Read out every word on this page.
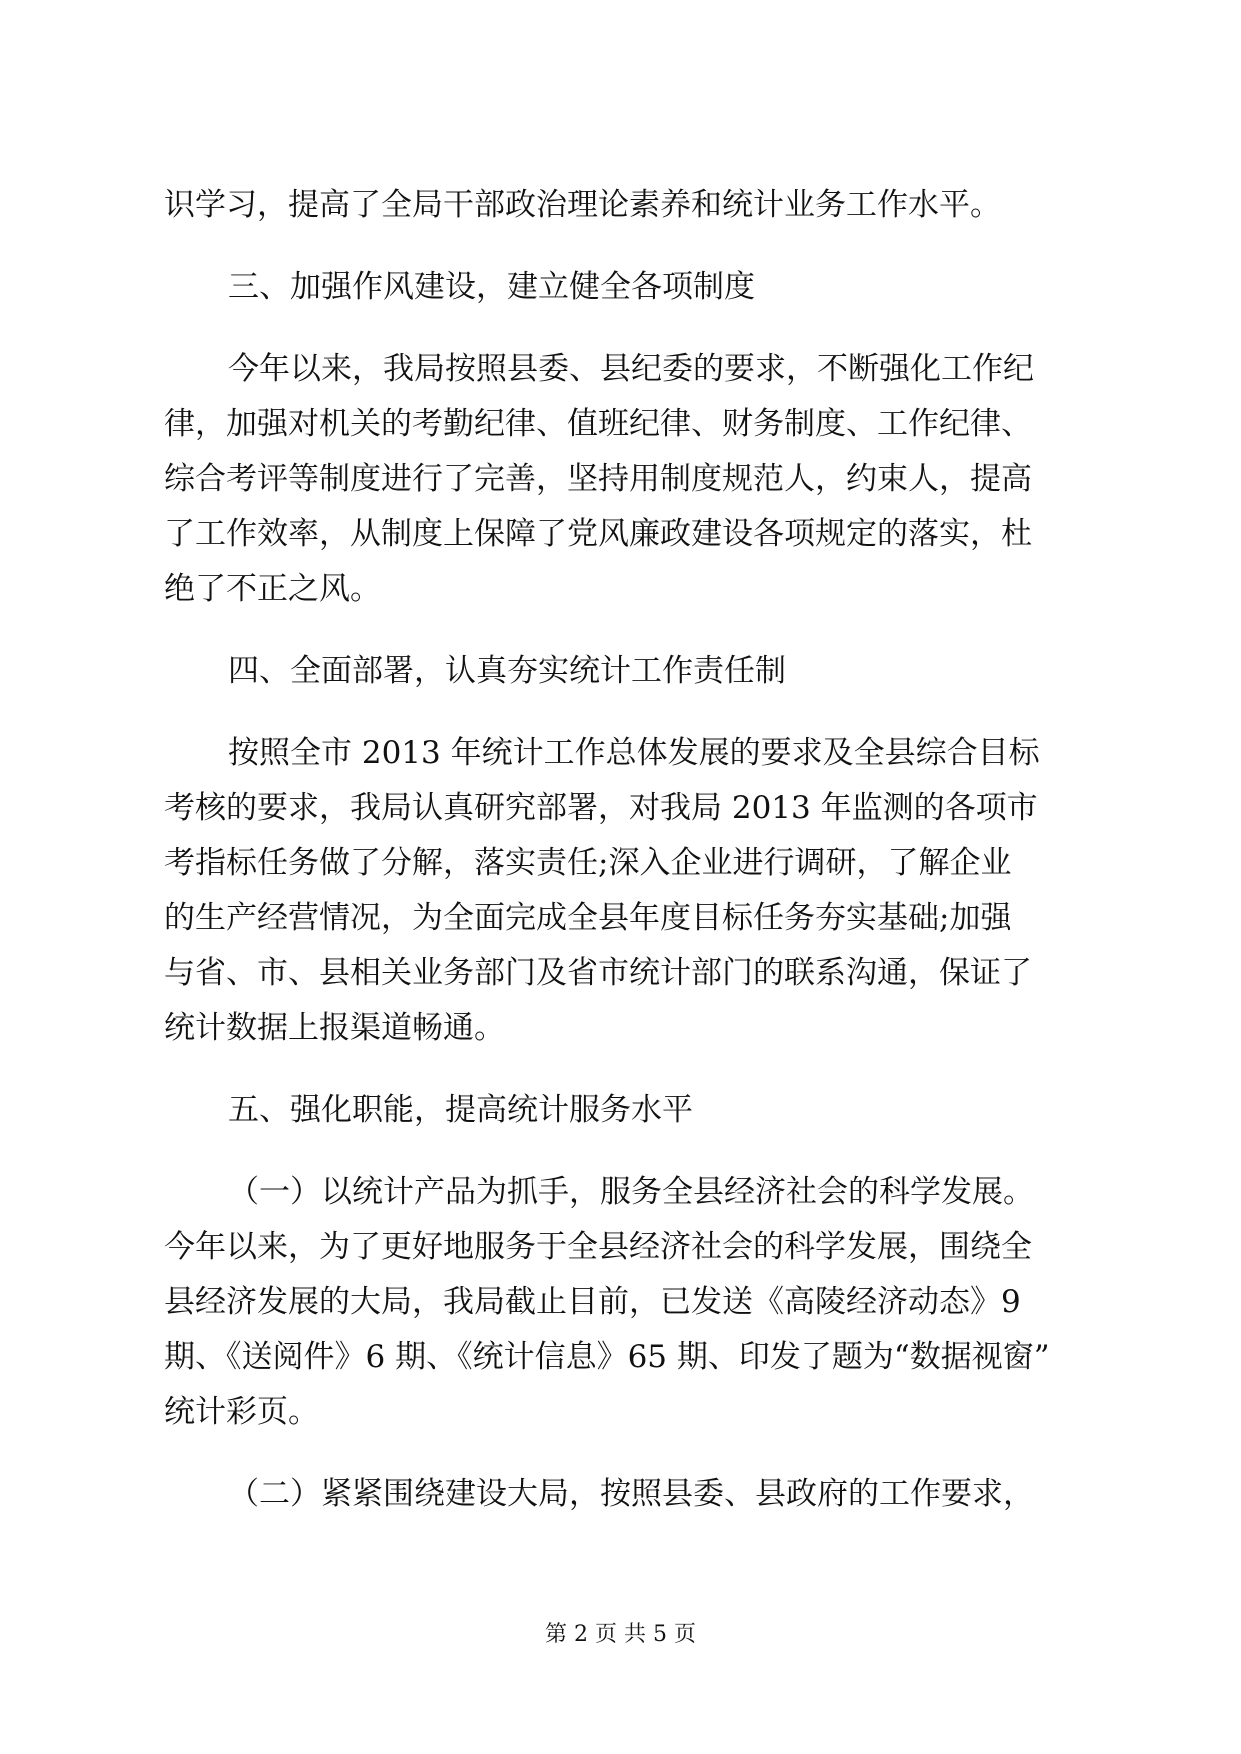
识学习，提高了全局干部政治理论素养和统计业务工作水平。
三、加强作风建设，建立健全各项制度
今年以来，我局按照县委、县纪委的要求，不断强化工作纪
律，加强对机关的考勤纪律、值班纪律、财务制度、工作纪律、
综合考评等制度进行了完善，坚持用制度规范人，约束人，提高
了工作效率，从制度上保障了党风廉政建设各项规定的落实，杜
绝了不正之风。
四、全面部署，认真夯实统计工作责任制
按照全市 2013 年统计工作总体发展的要求及全县综合目标
考核的要求，我局认真研究部署，对我局 2013 年监测的各项市
考指标任务做了分解，落实责任;深入企业进行调研，了解企业
的生产经营情况，为全面完成全县年度目标任务夯实基础;加强
与省、市、县相关业务部门及省市统计部门的联系沟通，保证了
统计数据上报渠道畅通。
五、强化职能，提高统计服务水平
（一）以统计产品为抓手，服务全县经济社会的科学发展。
今年以来，为了更好地服务于全县经济社会的科学发展，围绕全
县经济发展的大局，我局截止目前，已发送《高陵经济动态》9
期、《送阅件》6 期、《统计信息》65 期、印发了题为“数据视窗”
统计彩页。
（二）紧紧围绕建设大局，按照县委、县政府的工作要求，
第 2 页 共 5 页
